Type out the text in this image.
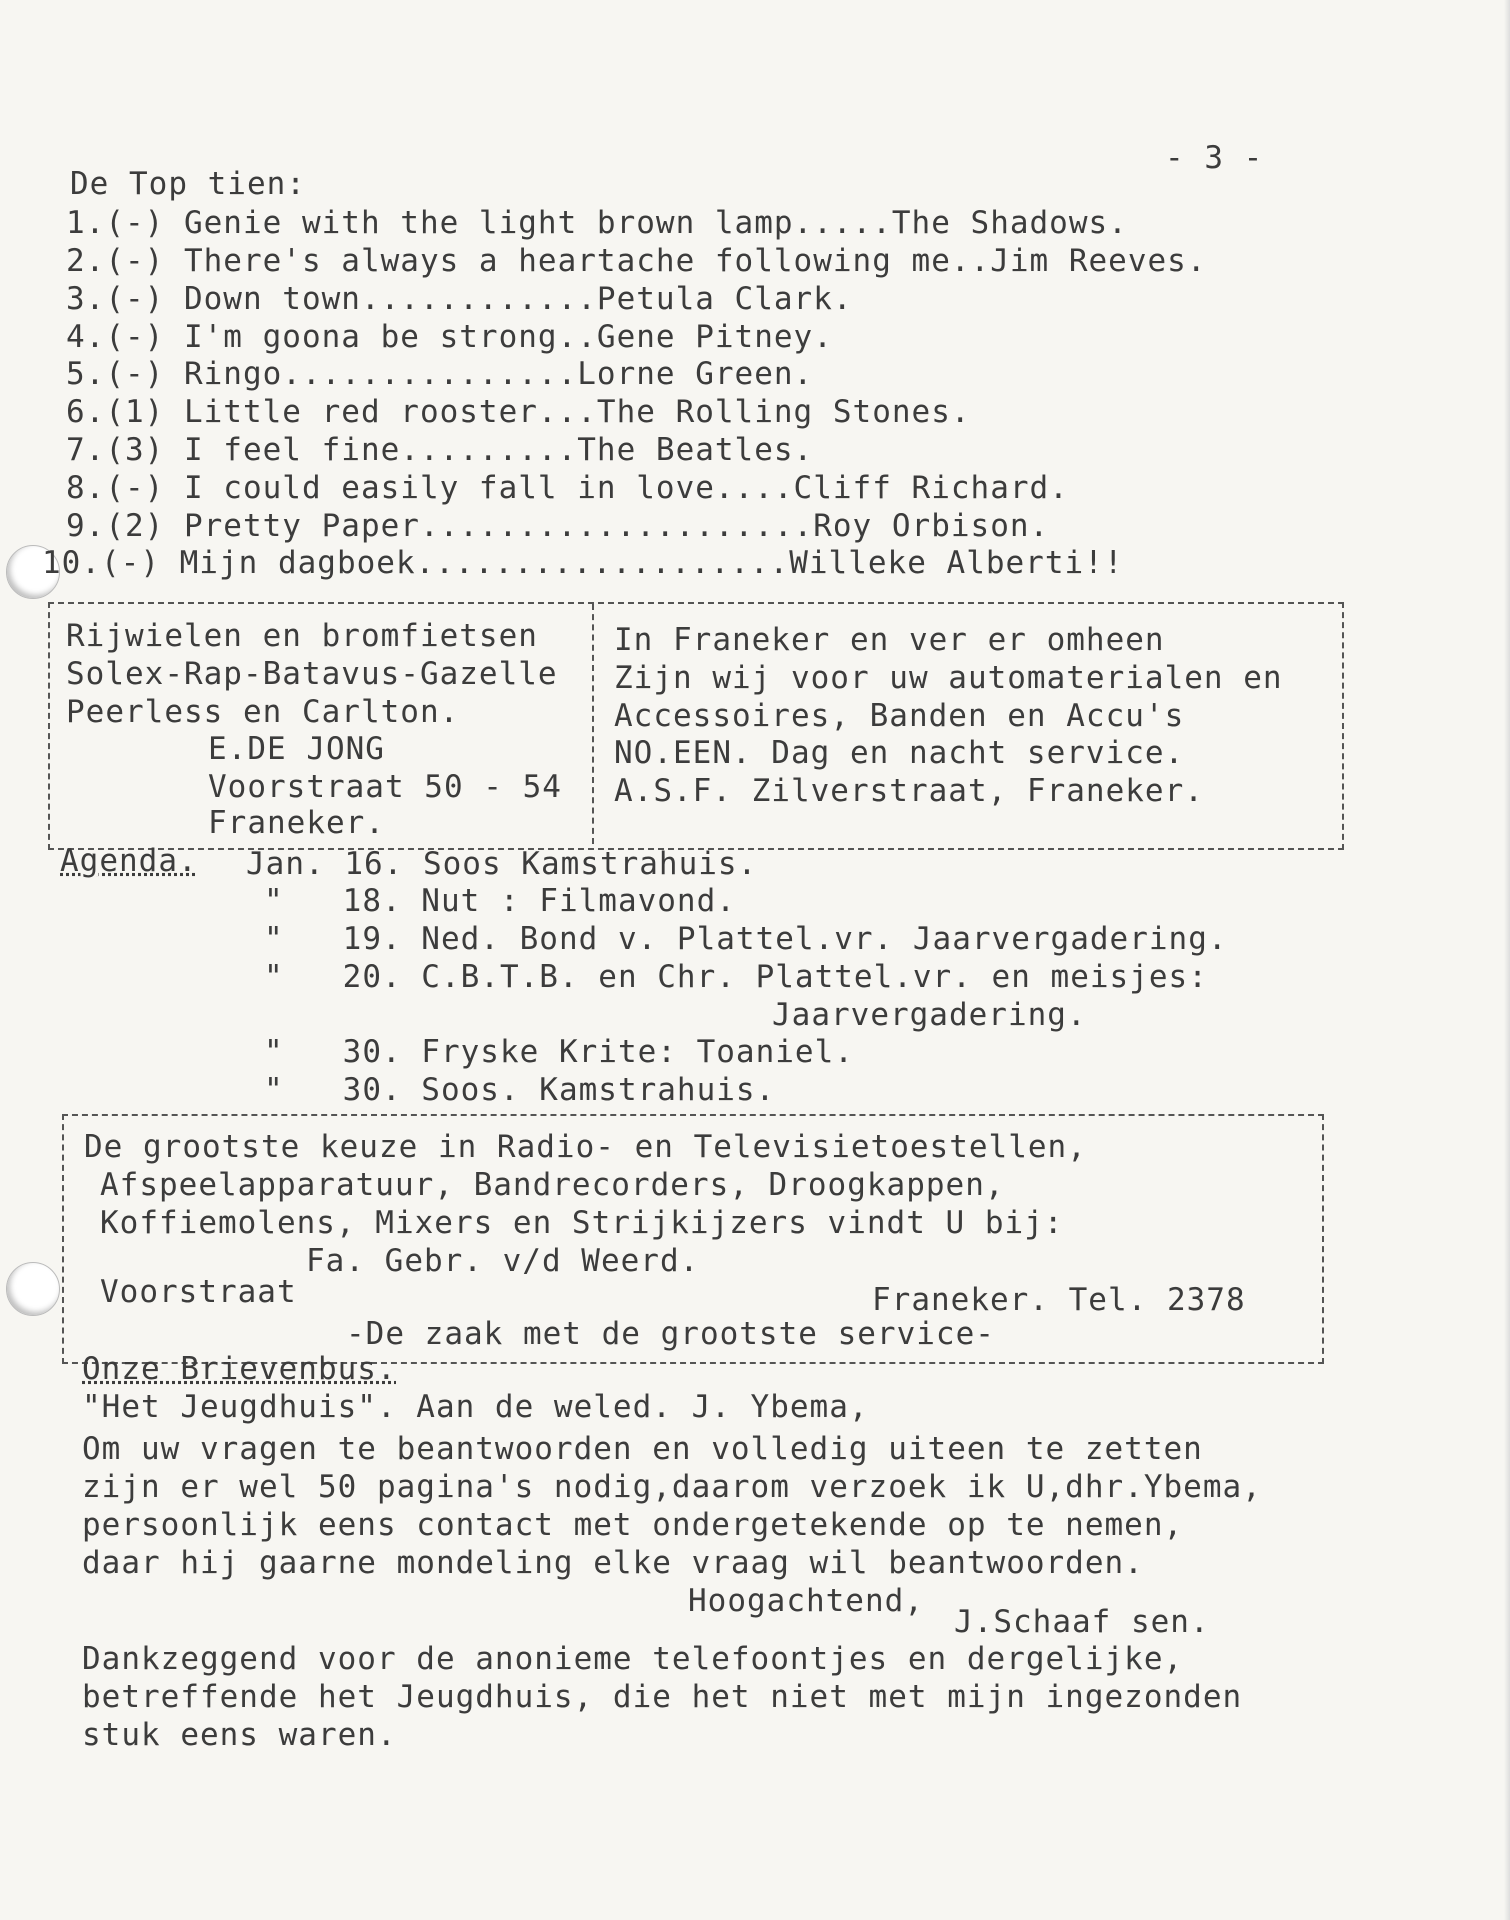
- 3 -
De Top tien:
1.(-) Genie with the light brown lamp.....The Shadows.
2.(-) There's always a heartache following me..Jim Reeves.
3.(-) Down town............Petula Clark.
4.(-) I'm goona be strong..Gene Pitney.
5.(-) Ringo...............Lorne Green.
6.(1) Little red rooster...The Rolling Stones.
7.(3) I feel fine.........The Beatles.
8.(-) I could easily fall in love....Cliff Richard.
9.(2) Pretty Paper....................Roy Orbison.
10.(-) Mijn dagboek...................Willeke Alberti!!
Rijwielen en bromfietsen
Solex-Rap-Batavus-Gazelle
Peerless en Carlton.
E.DE JONG
Voorstraat 50 - 54
Franeker.
In Franeker en ver er omheen
Zijn wij voor uw automaterialen en
Accessoires, Banden en Accu's
NO.EEN. Dag en nacht service.
A.S.F. Zilverstraat, Franeker.
Agenda. Jan. 16. Soos Kamstrahuis.
"   18. Nut : Filmavond.
"   19. Ned. Bond v. Plattel.vr. Jaarvergadering.
"   20. C.B.T.B. en Chr. Plattel.vr. en meisjes:
Jaarvergadering.
"   30. Fryske Krite: Toaniel.
"   30. Soos. Kamstrahuis.
De grootste keuze in Radio- en Televisietoestellen,
Afspeelapparatuur, Bandrecorders, Droogkappen,
Koffiemolens, Mixers en Strijkijzers vindt U bij:
Fa. Gebr. v/d Weerd.
Voorstraat	Franeker. Tel. 2378
-De zaak met de grootste service-
Onze Brievenbus.
"Het Jeugdhuis". Aan de weled. J. Ybema,
Om uw vragen te beantwoorden en volledig uiteen te zetten
zijn er wel 50 pagina's nodig,daarom verzoek ik U,dhr.Ybema,
persoonlijk eens contact met ondergetekende op te nemen,
daar hij gaarne mondeling elke vraag wil beantwoorden.
Hoogachtend,
J.Schaaf sen.
Dankzeggend voor de anonieme telefoontjes en dergelijke,
betreffende het Jeugdhuis, die het niet met mijn ingezonden
stuk eens waren.
